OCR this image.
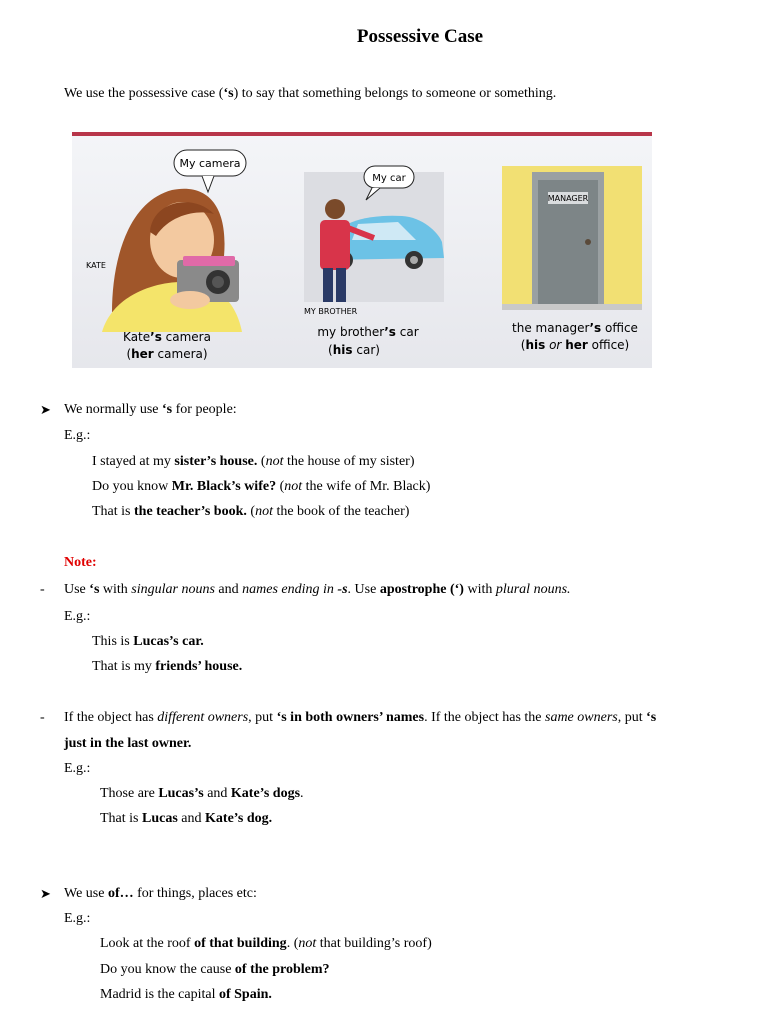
Possessive Case
We use the possessive case (‘s) to say that something belongs to someone or something.
My camera
KATE
My car
MY BROTHER
MANAGER
Kate’s camera
(her camera)
my brother’s car
(his car)
the manager’s office
(his or her office)
➤ We normally use ‘s for people:
E.g.:
I stayed at my sister’s house. (not the house of my sister)
Do you know Mr. Black’s wife? (not the wife of Mr. Black)
That is the teacher’s book. (not the book of the teacher)
Note:
- Use ‘s with singular nouns and names ending in -s. Use apostrophe (‘) with plural nouns.
E.g.:
This is Lucas’s car.
That is my friends’ house.
- If the object has different owners, put ‘s in both owners’ names. If the object has the same owners, put ‘s
just in the last owner.
E.g.:
Those are Lucas’s and Kate’s dogs.
That is Lucas and Kate’s dog.
➤ We use of… for things, places etc:
E.g.:
Look at the roof of that building. (not that building’s roof)
Do you know the cause of the problem?
Madrid is the capital of Spain.
